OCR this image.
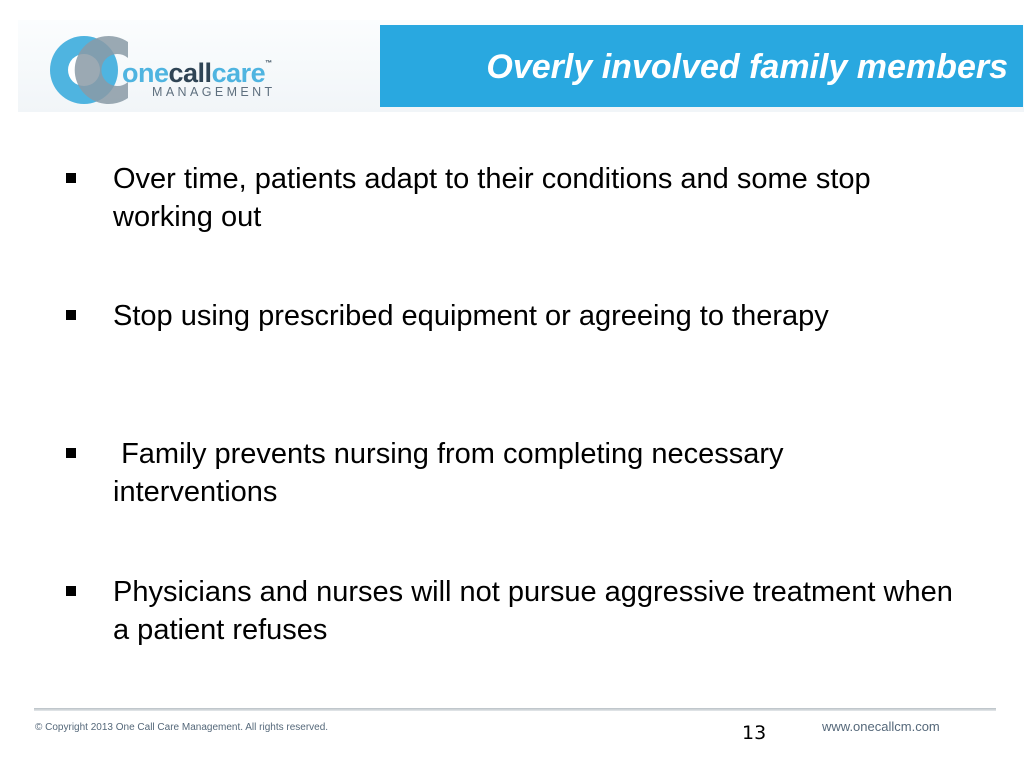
onecallcare™
MANAGEMENT
Overly involved family members
Over time, patients adapt to their conditions and some stop working out
Stop using prescribed equipment or agreeing to therapy
Family prevents nursing from completing necessary interventions
Physicians and nurses will not pursue aggressive treatment when a patient refuses
© Copyright 2013 One Call Care Management. All rights reserved.	13	www.onecallcm.com
